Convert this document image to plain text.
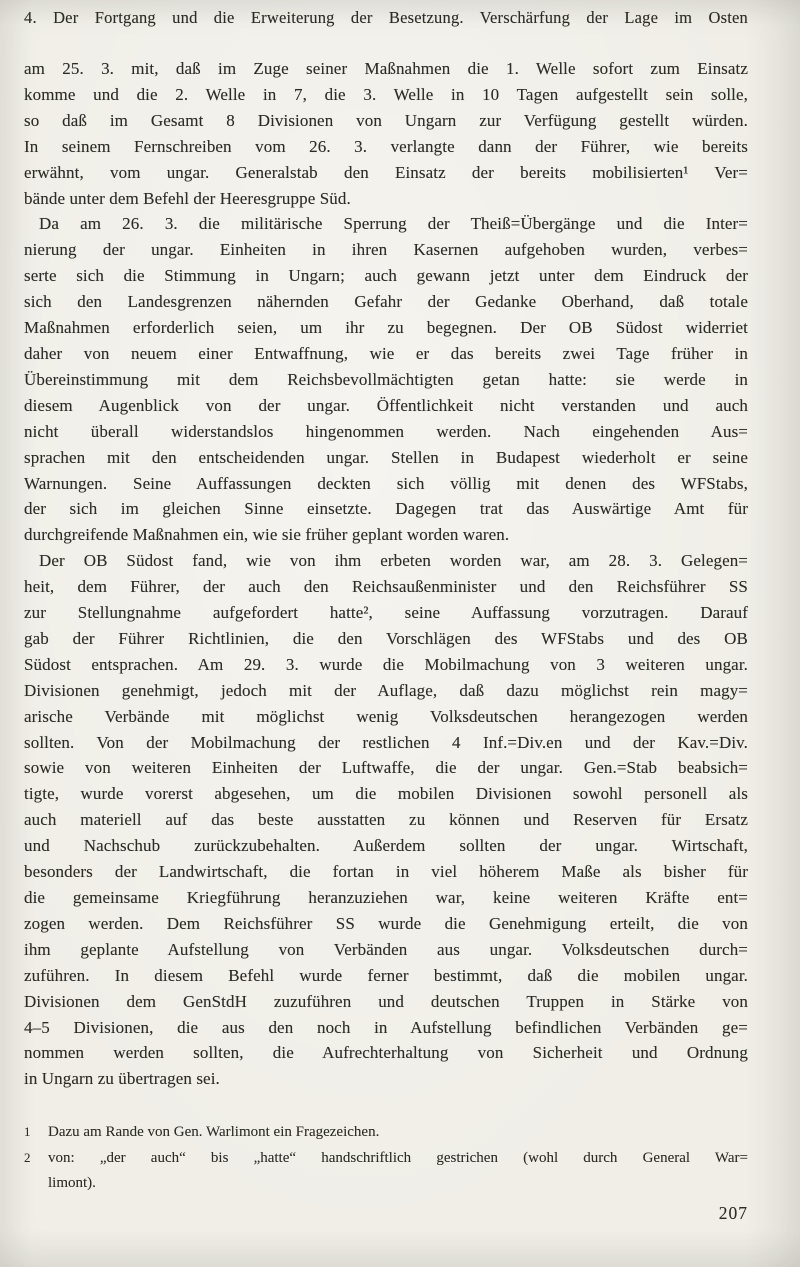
4. Der Fortgang und die Erweiterung der Besetzung. Verschärfung der Lage im Osten
am 25. 3. mit, daß im Zuge seiner Maßnahmen die 1. Welle sofort zum Einsatz
komme und die 2. Welle in 7, die 3. Welle in 10 Tagen aufgestellt sein solle,
so daß im Gesamt 8 Divisionen von Ungarn zur Verfügung gestellt würden.
In seinem Fernschreiben vom 26. 3. verlangte dann der Führer, wie bereits
erwähnt, vom ungar. Generalstab den Einsatz der bereits mobilisierten¹ Ver=
bände unter dem Befehl der Heeresgruppe Süd.
Da am 26. 3. die militärische Sperrung der Theiß=Übergänge und die Inter=
nierung der ungar. Einheiten in ihren Kasernen aufgehoben wurden, verbes=
serte sich die Stimmung in Ungarn; auch gewann jetzt unter dem Eindruck der
sich den Landesgrenzen nähernden Gefahr der Gedanke Oberhand, daß totale
Maßnahmen erforderlich seien, um ihr zu begegnen. Der OB Südost widerriet
daher von neuem einer Entwaffnung, wie er das bereits zwei Tage früher in
Übereinstimmung mit dem Reichsbevollmächtigten getan hatte: sie werde in
diesem Augenblick von der ungar. Öffentlichkeit nicht verstanden und auch
nicht überall widerstandslos hingenommen werden. Nach eingehenden Aus=
sprachen mit den entscheidenden ungar. Stellen in Budapest wiederholt er seine
Warnungen. Seine Auffassungen deckten sich völlig mit denen des WFStabs,
der sich im gleichen Sinne einsetzte. Dagegen trat das Auswärtige Amt für
durchgreifende Maßnahmen ein, wie sie früher geplant worden waren.
Der OB Südost fand, wie von ihm erbeten worden war, am 28. 3. Gelegen=
heit, dem Führer, der auch den Reichsaußenminister und den Reichsführer SS
zur Stellungnahme aufgefordert hatte², seine Auffassung vorzutragen. Darauf
gab der Führer Richtlinien, die den Vorschlägen des WFStabs und des OB
Südost entsprachen. Am 29. 3. wurde die Mobilmachung von 3 weiteren ungar.
Divisionen genehmigt, jedoch mit der Auflage, daß dazu möglichst rein magy=
arische Verbände mit möglichst wenig Volksdeutschen herangezogen werden
sollten. Von der Mobilmachung der restlichen 4 Inf.=Div.en und der Kav.=Div.
sowie von weiteren Einheiten der Luftwaffe, die der ungar. Gen.=Stab beabsich=
tigte, wurde vorerst abgesehen, um die mobilen Divisionen sowohl personell als
auch materiell auf das beste ausstatten zu können und Reserven für Ersatz
und Nachschub zurückzubehalten. Außerdem sollten der ungar. Wirtschaft,
besonders der Landwirtschaft, die fortan in viel höherem Maße als bisher für
die gemeinsame Kriegführung heranzuziehen war, keine weiteren Kräfte ent=
zogen werden. Dem Reichsführer SS wurde die Genehmigung erteilt, die von
ihm geplante Aufstellung von Verbänden aus ungar. Volksdeutschen durch=
zuführen. In diesem Befehl wurde ferner bestimmt, daß die mobilen ungar.
Divisionen dem GenStdH zuzuführen und deutschen Truppen in Stärke von
4–5 Divisionen, die aus den noch in Aufstellung befindlichen Verbänden ge=
nommen werden sollten, die Aufrechterhaltung von Sicherheit und Ordnung
in Ungarn zu übertragen sei.
1 Dazu am Rande von Gen. Warlimont ein Fragezeichen.
2 von: „der auch“ bis „hatte“ handschriftlich gestrichen (wohl durch General War=
limont).
207
